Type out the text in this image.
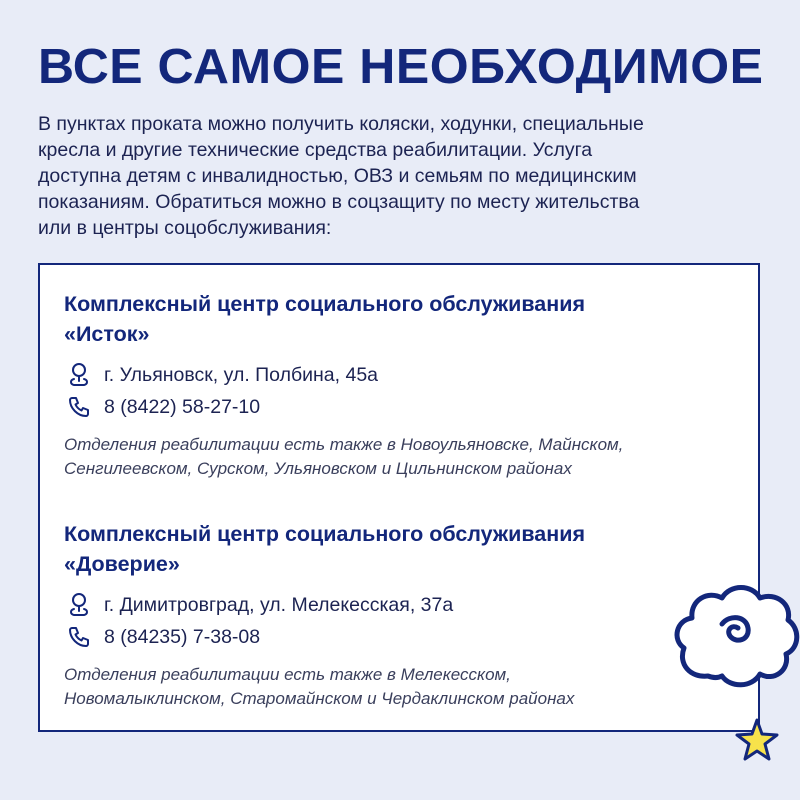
ВСЕ САМОЕ НЕОБХОДИМОЕ
В пунктах проката можно получить коляски, ходунки, специальные
кресла и другие технические средства реабилитации. Услуга
доступна детям с инвалидностью, ОВЗ и семьям по медицинским
показаниям. Обратиться можно в соцзащиту по месту жительства
или в центры соцобслуживания:
Комплексный центр социального обслуживания
«Исток»
г. Ульяновск, ул. Полбина, 45а
8 (8422) 58-27-10
Отделения реабилитации есть также в Новоульяновске, Майнском,
Сенгилеевском, Сурском, Ульяновском и Цильнинском районах
Комплексный центр социального обслуживания
«Доверие»
г. Димитровград, ул. Мелекесская, 37а
8 (84235) 7-38-08
Отделения реабилитации есть также в Мелекесском,
Новомалыклинском, Старомайнском и Чердаклинском районах
